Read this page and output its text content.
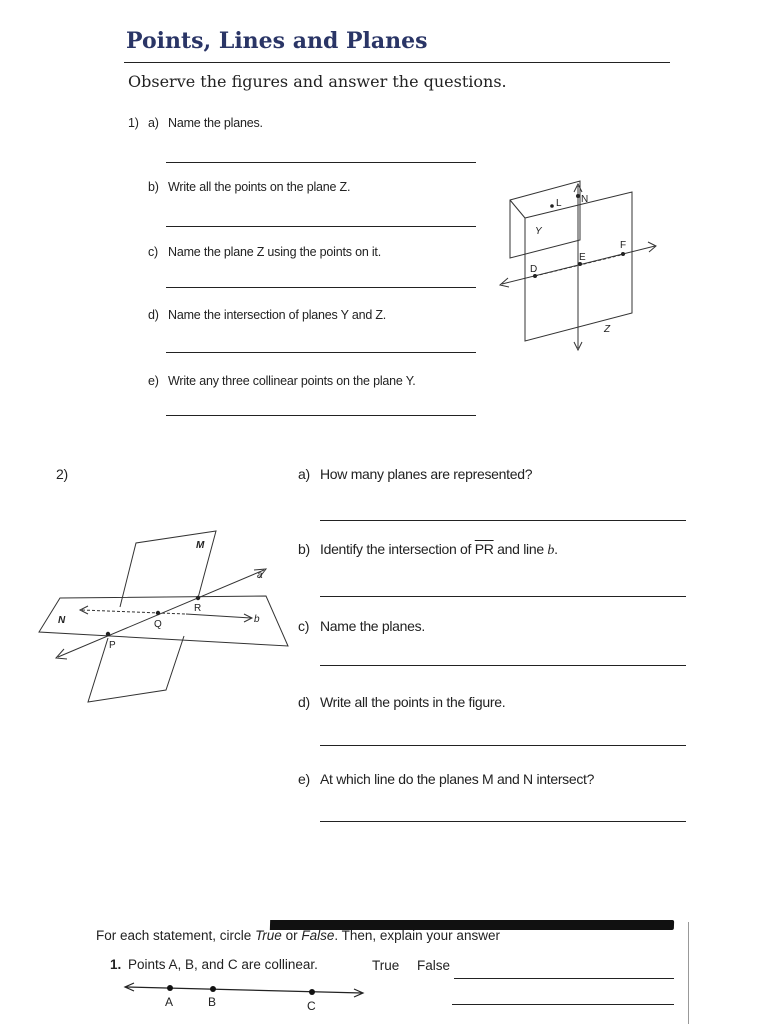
Points, Lines and Planes
Observe the figures and answer the questions.
1) a) Name the planes.
b) Write all the points on the plane Z.
c) Name the plane Z using the points on it.
d) Name the intersection of planes Y and Z.
e) Write any three collinear points on the plane Y.
N
L
Y
D
E
F
Z
2)	a) How many planes are represented?
b) Identify the intersection of $\overline{PR}$ and line b.
c) Name the planes.
d) Write all the points in the figure.
e) At which line do the planes M and N intersect?
M
N
R
Q
P
a
b
For each statement, circle True or False. Then, explain your answer
1. Points A, B, and C are collinear.	True False
A	B	C
